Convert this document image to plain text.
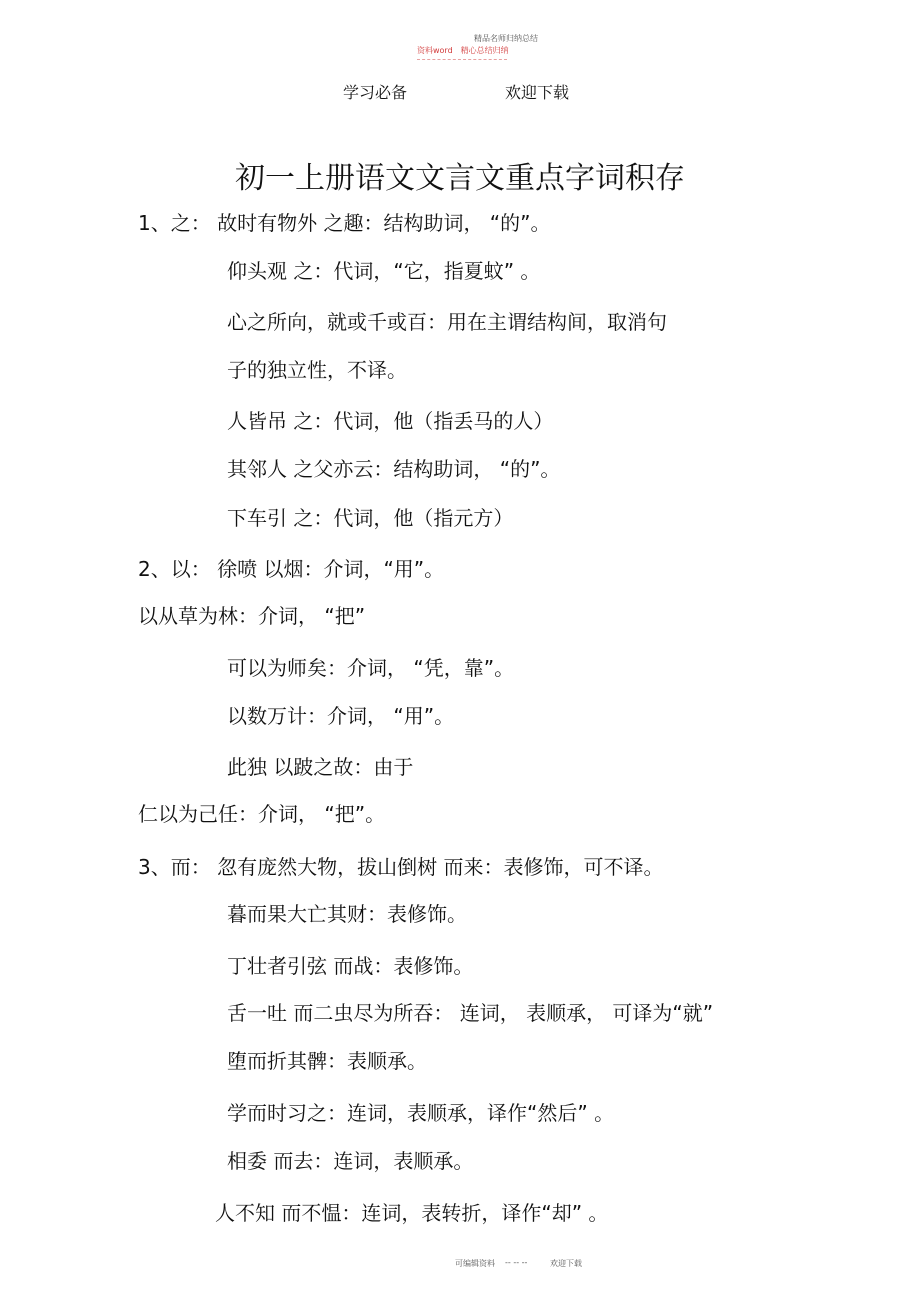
精品名师归纳总结
资料word 精心总结归纳
学习必备	欢迎下载
初一上册语文文言文重点字词积存
1、之： 故时有物外 之趣：结构助词， “的”。
仰头观 之：代词，“它，指夏蚊” 。
心之所向，就或千或百：用在主谓结构间，取消句
子的独立性，不译。
人皆吊 之：代词，他（指丢马的人）
其邻人 之父亦云：结构助词， “的”。
下车引 之：代词，他（指元方）
2、以： 徐喷 以烟：介词，“用”。
以从草为林：介词， “把”
可以为师矣：介词， “凭，靠”。
以数万计：介词， “用”。
此独 以跛之故：由于
仁以为己任：介词， “把”。
3、而： 忽有庞然大物，拔山倒树 而来：表修饰，可不译。
暮而果大亡其财：表修饰。
丁壮者引弦 而战：表修饰。
舌一吐 而二虫尽为所吞： 连词， 表顺承， 可译为“就”
堕而折其髀：表顺承。
学而时习之：连词，表顺承，译作“然后” 。
相委 而去：连词，表顺承。
人不知 而不愠：连词，表转折，译作“却” 。
可编辑资料 -- -- --	欢迎下载
